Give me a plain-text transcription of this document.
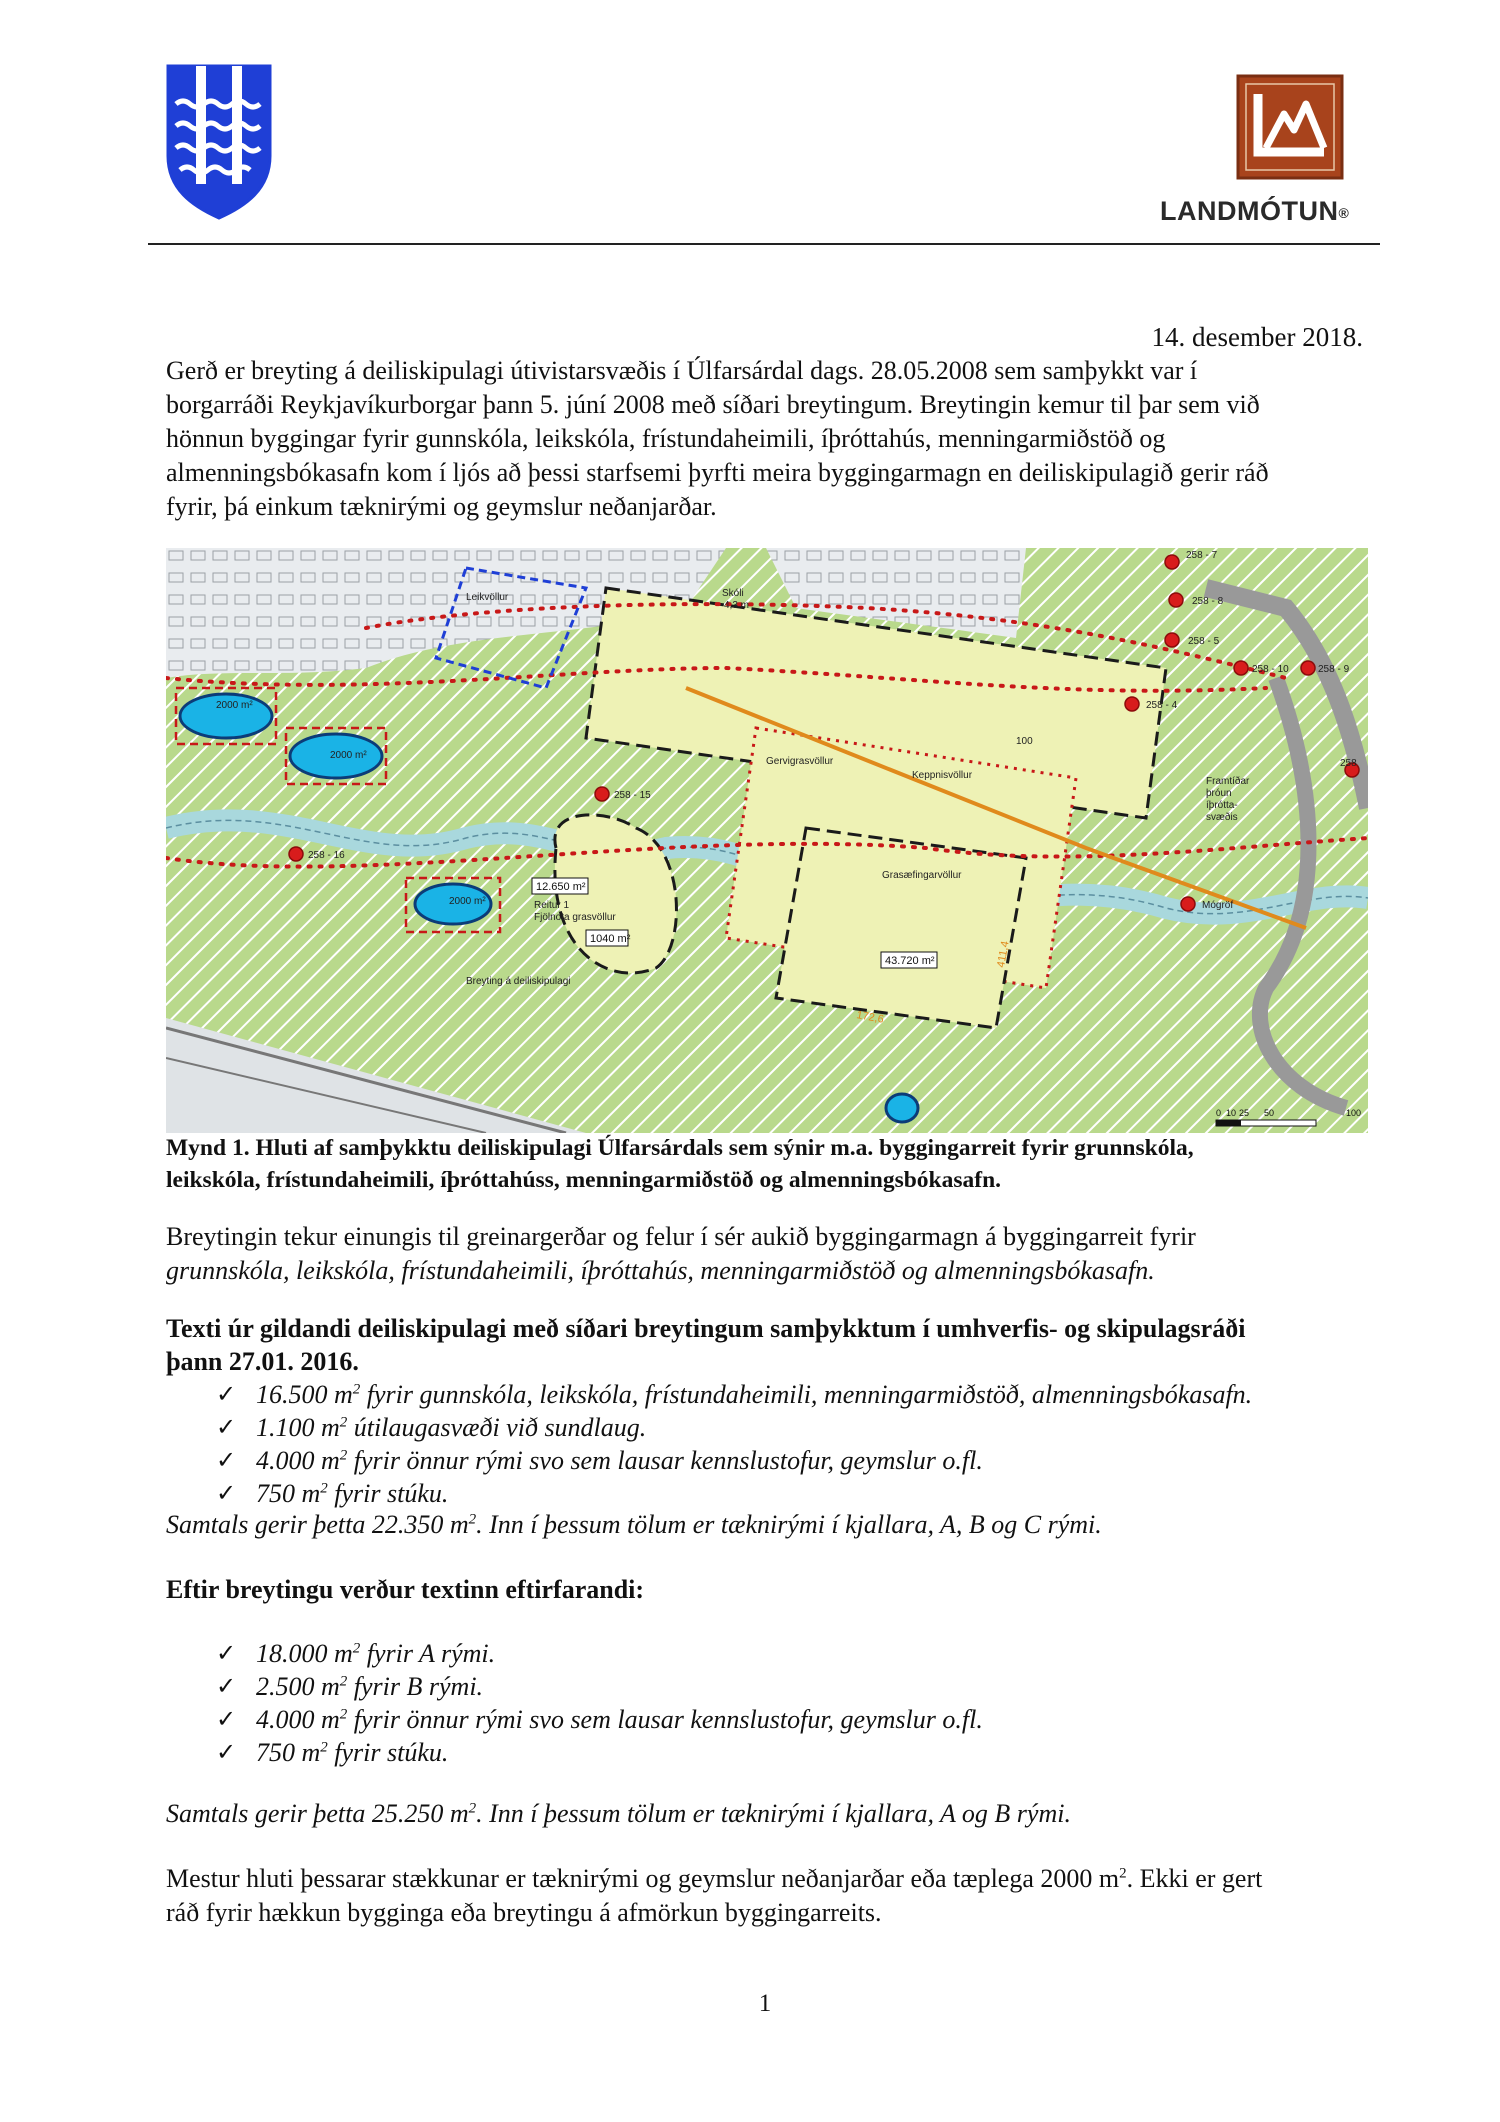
LANDMÓTUN®
14. desember 2018.
Gerð er breyting á deiliskipulagi útivistarsvæðis í Úlfarsárdal dags. 28.05.2008 sem samþykkt var í
borgarráði Reykjavíkurborgar þann 5. júní 2008 með síðari breytingum. Breytingin kemur til þar sem við
hönnun byggingar fyrir gunnskóla, leikskóla, frístundaheimili, íþróttahús, menningarmiðstöð og
almenningsbókasafn kom í ljós að þessi starfsemi þyrfti meira byggingarmagn en deiliskipulagið gerir ráð
fyrir, þá einkum tæknirými og geymslur neðanjarðar.
258 - 7
258 - 8
258 - 5
258 - 10	258 - 9
258 - 4
258 - 15
258 - 16
258
Leikvöllur	Skóli
4,3 m
Gervigrasvöllur
Keppnisvöllur
Grasæfingarvöllur
Framtíðar
þróun
íþrótta-
svæðis
Mógröf
Reitur 1
Fjölnota grasvöllur
Breyting á deiliskipulagi
2000 m²
2000 m²
2000 m²
100
12.650 m²
1040 m²
43.720 m²	411,4
172,6
0 10 25 50	100
Mynd 1. Hluti af samþykktu deiliskipulagi Úlfarsárdals sem sýnir m.a. byggingarreit fyrir grunnskóla,
leikskóla, frístundaheimili, íþróttahúss, menningarmiðstöð og almenningsbókasafn.
Breytingin tekur einungis til greinargerðar og felur í sér aukið byggingarmagn á byggingarreit fyrir
grunnskóla, leikskóla, frístundaheimili, íþróttahús, menningarmiðstöð og almenningsbókasafn.
Texti úr gildandi deiliskipulagi með síðari breytingum samþykktum í umhverfis- og skipulagsráði
þann 27.01. 2016.
✓ 16.500 $m^2$ fyrir gunnskóla, leikskóla, frístundaheimili, menningarmiðstöð, almenningsbókasafn.
✓ 1.100 $m^2$ útilaugasvæði við sundlaug.
✓ 4.000 $m^2$ fyrir önnur rými svo sem lausar kennslustofur, geymslur o.fl.
✓ 750 $m^2$ fyrir stúku.
Samtals gerir þetta 22.350 $m^2$. Inn í þessum tölum er tæknirými í kjallara, A, B og C rými.
Eftir breytingu verður textinn eftirfarandi:
✓ 18.000 $m^2$ fyrir A rými.
✓ 2.500 $m^2$ fyrir B rými.
✓ 4.000 $m^2$ fyrir önnur rými svo sem lausar kennslustofur, geymslur o.fl.
✓ 750 $m^2$ fyrir stúku.
Samtals gerir þetta 25.250 $m^2$. Inn í þessum tölum er tæknirými í kjallara, A og B rými.
Mestur hluti þessarar stækkunar er tæknirými og geymslur neðanjarðar eða tæplega 2000 $m^2$. Ekki er gert
ráð fyrir hækkun bygginga eða breytingu á afmörkun byggingarreits.
1
